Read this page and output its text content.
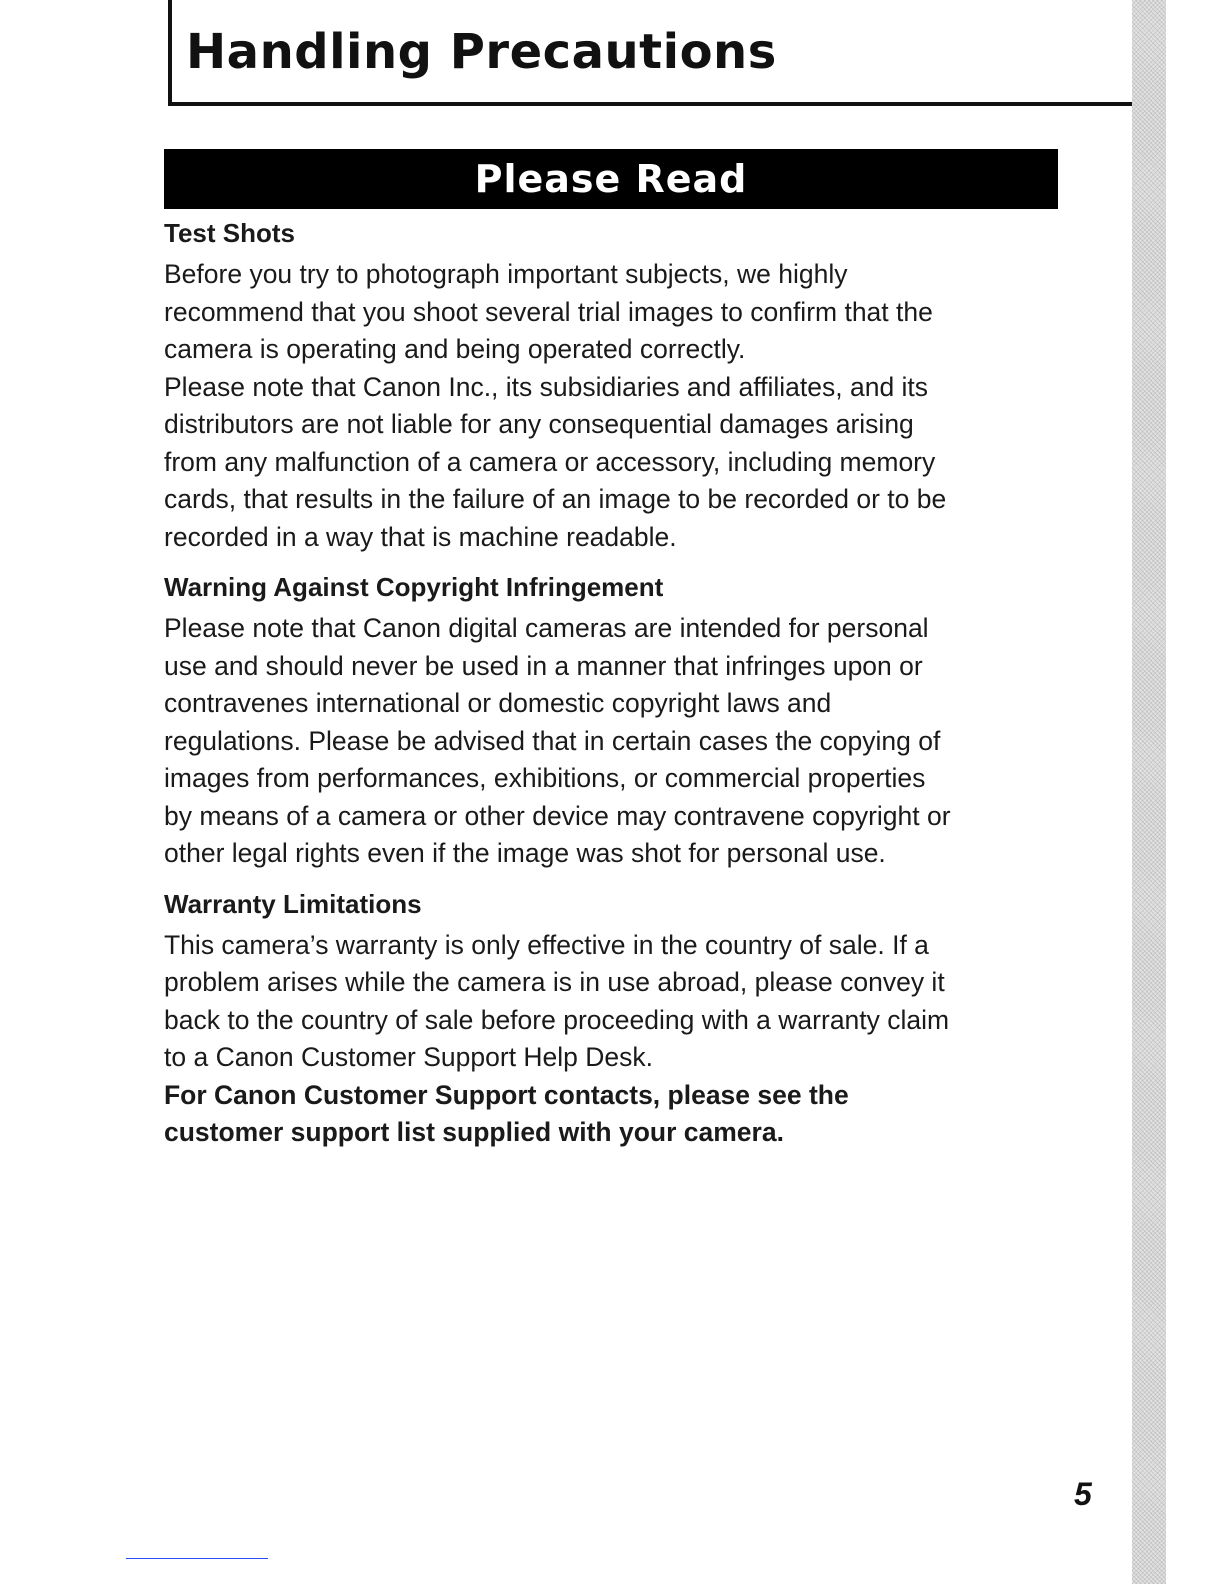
Handling Precautions
Please Read
Test Shots

Before you try to photograph important subjects, we highly
recommend that you shoot several trial images to confirm that the
camera is operating and being operated correctly.

Please note that Canon Inc., its subsidiaries and affiliates, and its
distributors are not liable for any consequential damages arising
from any malfunction of a camera or accessory, including memory
cards, that results in the failure of an image to be recorded or to be
recorded in a way that is machine readable.

Warning Against Copyright Infringement

Please note that Canon digital cameras are intended for personal
use and should never be used in a manner that infringes upon or
contravenes international or domestic copyright laws and
regulations. Please be advised that in certain cases the copying of
images from performances, exhibitions, or commercial properties
by means of a camera or other device may contravene copyright or
other legal rights even if the image was shot for personal use.

Warranty Limitations

This camera’s warranty is only effective in the country of sale. If a
problem arises while the camera is in use abroad, please convey it
back to the country of sale before proceeding with a warranty claim
to a Canon Customer Support Help Desk.

For Canon Customer Support contacts, please see the
customer support list supplied with your camera.

5
